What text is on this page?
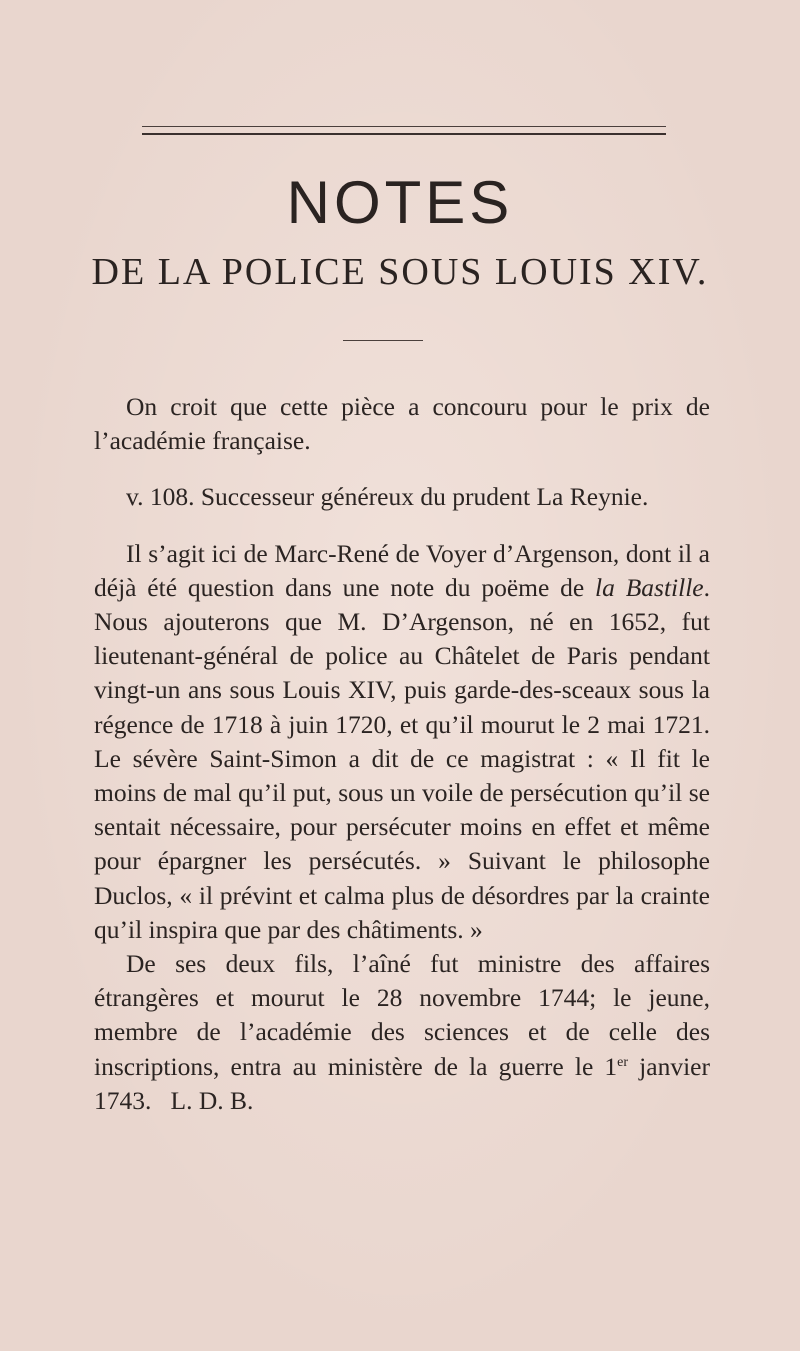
NOTES
DE LA POLICE SOUS LOUIS XIV.

On croit que cette pièce a concouru pour le prix de l’académie française.

v. 108. Successeur généreux du prudent La Reynie.

Il s’agit ici de Marc-René de Voyer d’Argenson, dont il a déjà été question dans une note du poëme de la Bastille. Nous ajouterons que M. D’Argenson, né en 1652, fut lieutenant-général de police au Châtelet de Paris pendant vingt-un ans sous Louis XIV, puis garde-des-sceaux sous la régence de 1718 à juin 1720, et qu’il mourut le 2 mai 1721. Le sévère Saint-Simon a dit de ce magistrat : « Il fit le moins de mal qu’il put, sous un voile de persécution qu’il se sentait nécessaire, pour persécuter moins en effet et même pour épargner les persécutés. » Suivant le philosophe Duclos, « il prévint et calma plus de désordres par la crainte qu’il inspira que par des châtiments. »

De ses deux fils, l’aîné fut ministre des affaires étrangères et mourut le 28 novembre 1744; le jeune, membre de l’académie des sciences et de celle des inscriptions, entra au ministère de la guerre le 1er janvier 1743. L. D. B.
